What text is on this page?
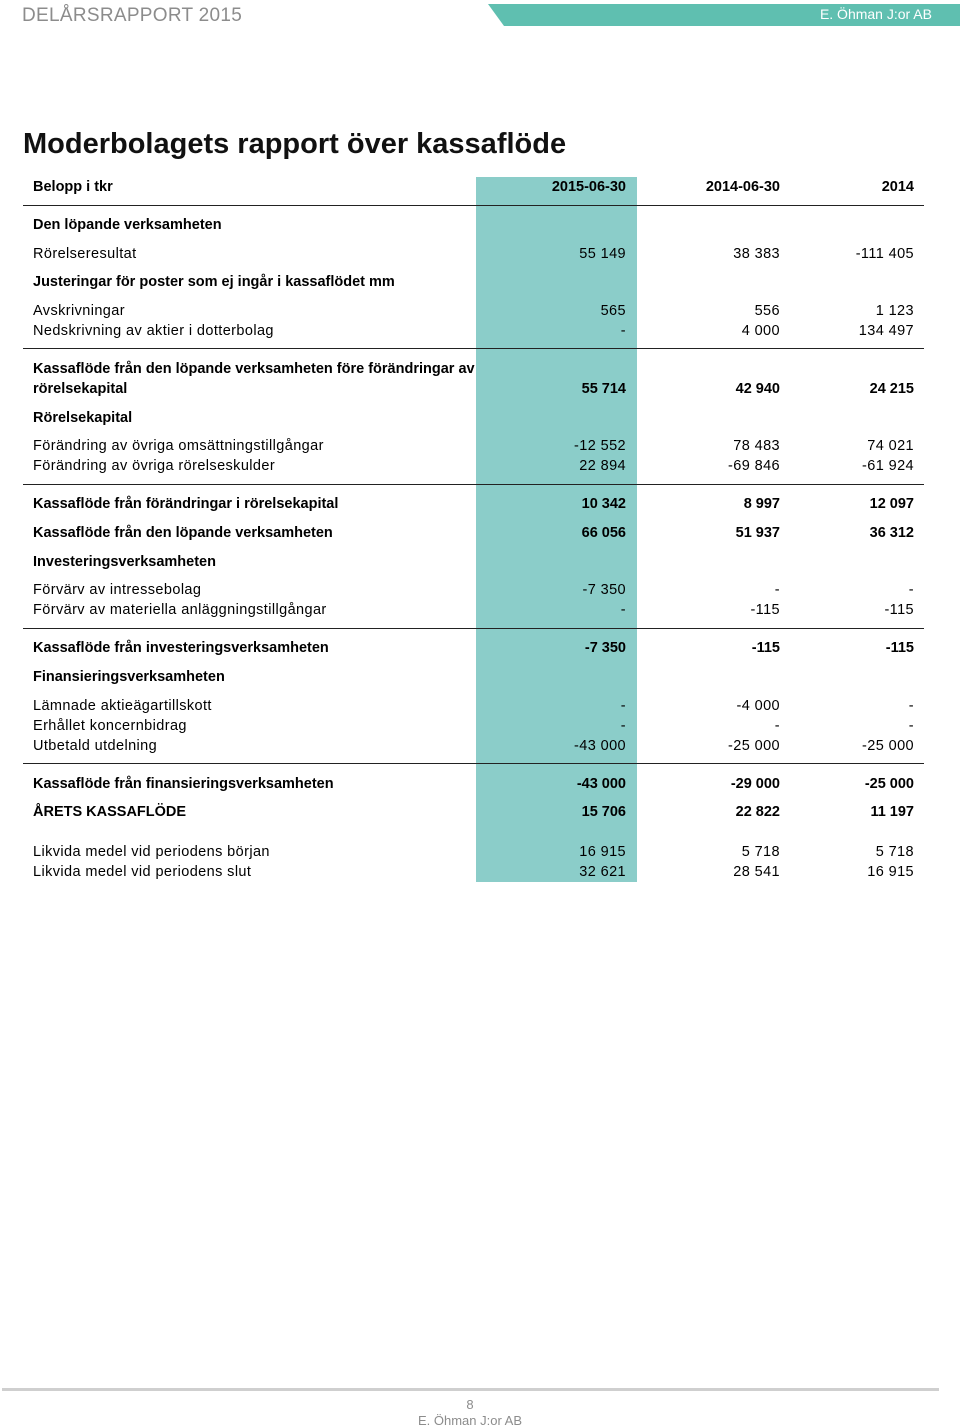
DELÅRSRAPPORT 2015	E. Öhman J:or AB
Moderbolagets rapport över kassaflöde
Belopp i tkr	2015-06-30	2014-06-30	2014
Den löpande verksamheten
Rörelseresultat	55 149	38 383	-111 405
Justeringar för poster som ej ingår i kassaflödet mm
Avskrivningar	565	556	1 123
Nedskrivning av aktier i dotterbolag	-	4 000	134 497
Kassaflöde från den löpande verksamheten före förändringar av
rörelsekapital	55 714	42 940	24 215
Rörelsekapital
Förändring av övriga omsättningstillgångar	-12 552	78 483	74 021
Förändring av övriga rörelseskulder	22 894	-69 846	-61 924
Kassaflöde från förändringar i rörelsekapital	10 342	8 997	12 097
Kassaflöde från den löpande verksamheten	66 056	51 937	36 312
Investeringsverksamheten
Förvärv av intressebolag	-7 350	-	-
Förvärv av materiella anläggningstillgångar	-	-115	-115
Kassaflöde från investeringsverksamheten	-7 350	-115	-115
Finansieringsverksamheten
Lämnade aktieägartillskott	-	-4 000	-
Erhållet koncernbidrag	-	-	-
Utbetald utdelning	-43 000	-25 000	-25 000
Kassaflöde från finansieringsverksamheten	-43 000	-29 000	-25 000
ÅRETS KASSAFLÖDE	15 706	22 822	11 197
Likvida medel vid periodens början	16 915	5 718	5 718
Likvida medel vid periodens slut	32 621	28 541	16 915
8
E. Öhman J:or AB
